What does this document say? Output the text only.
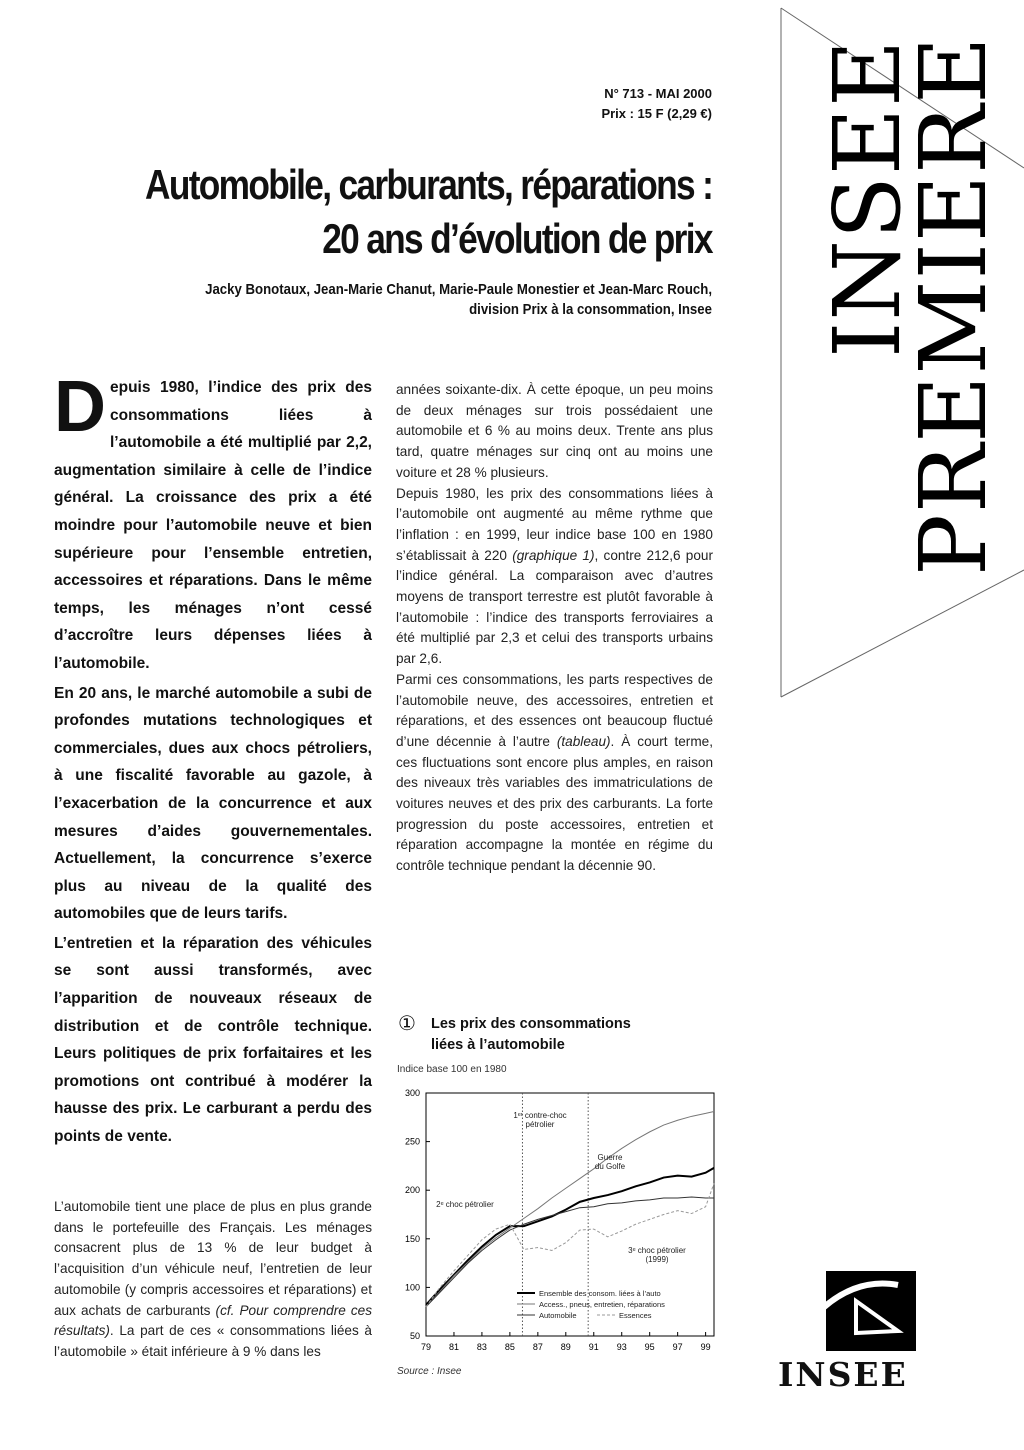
INSEE
PREMIERE
N° 713 - MAI 2000
Prix : 15 F (2,29 €)
Automobile, carburants, réparations :
20 ans d’évolution de prix
Jacky Bonotaux, Jean-Marie Chanut, Marie-Paule Monestier et Jean-Marc Rouch,
division Prix à la consommation, Insee

Depuis 1980, l’indice des prix des consommations liées à l’automobile a été multiplié par 2,2, augmentation similaire à celle de l’indice général. La croissance des prix a été moindre pour l’automobile neuve et bien supérieure pour l’ensemble entretien, accessoires et réparations. Dans le même temps, les ménages n’ont cessé d’accroître leurs dépenses liées à l’automobile.

En 20 ans, le marché automobile a subi de profondes mutations technologiques et commerciales, dues aux chocs pétroliers, à une fiscalité favorable au gazole, à l’exacerbation de la concurrence et aux mesures d’aides gouvernementales. Actuellement, la concurrence s’exerce plus au niveau de la qualité des automobiles que de leurs tarifs.

L’entretien et la réparation des véhicules se sont aussi transformés, avec l’apparition de nouveaux réseaux de distribution et de contrôle technique. Leurs politiques de prix forfaitaires et les promotions ont contribué à modérer la hausse des prix. Le carburant a perdu des points de vente.

L’automobile tient une place de plus en plus grande dans le portefeuille des Français. Les ménages consacrent plus de 13 % de leur budget à l’acquisition d’un véhicule neuf, l’entretien de leur automobile (y compris accessoires et réparations) et aux achats de carburants (cf. Pour comprendre ces résultats). La part de ces « consommations liées à l’automobile » était inférieure à 9 % dans les

années soixante-dix. À cette époque, un peu moins de deux ménages sur trois possédaient une automobile et 6 % au moins deux. Trente ans plus tard, quatre ménages sur cinq ont au moins une voiture et 28 % plusieurs.

Depuis 1980, les prix des consommations liées à l’automobile ont augmenté au même rythme que l’inflation : en 1999, leur indice base 100 en 1980 s’établissait à 220 (graphique 1), contre 212,6 pour l’indice général. La comparaison avec d’autres moyens de transport terrestre est plutôt favorable à l’automobile : l’indice des transports ferroviaires a été multiplié par 2,3 et celui des transports urbains par 2,6.

Parmi ces consommations, les parts respectives de l’automobile neuve, des accessoires, entretien et réparations, et des essences ont beaucoup fluctué d’une décennie à l’autre (tableau). À court terme, ces fluctuations sont encore plus amples, en raison des niveaux très variables des immatriculations de voitures neuves et des prix des carburants. La forte progression du poste accessoires, entretien et réparation accompagne la montée en régime du contrôle technique pendant la décennie 90.

① Les prix des consommations
liées à l’automobile
Indice base 100 en 1980
Source : Insee
50
100
150
200
250
300
79 81 83 85 87 89 91 93 95 97 99
1ᵉʳ contre-choc
pétrolier
Guerre
du Golfe
2ᵉ choc pétrolier
3ᵉ choc pétrolier
(1999)
Ensemble des consom. liées à l’auto
Access., pneus, entretien, réparations
Automobile	Essences
INSEE
